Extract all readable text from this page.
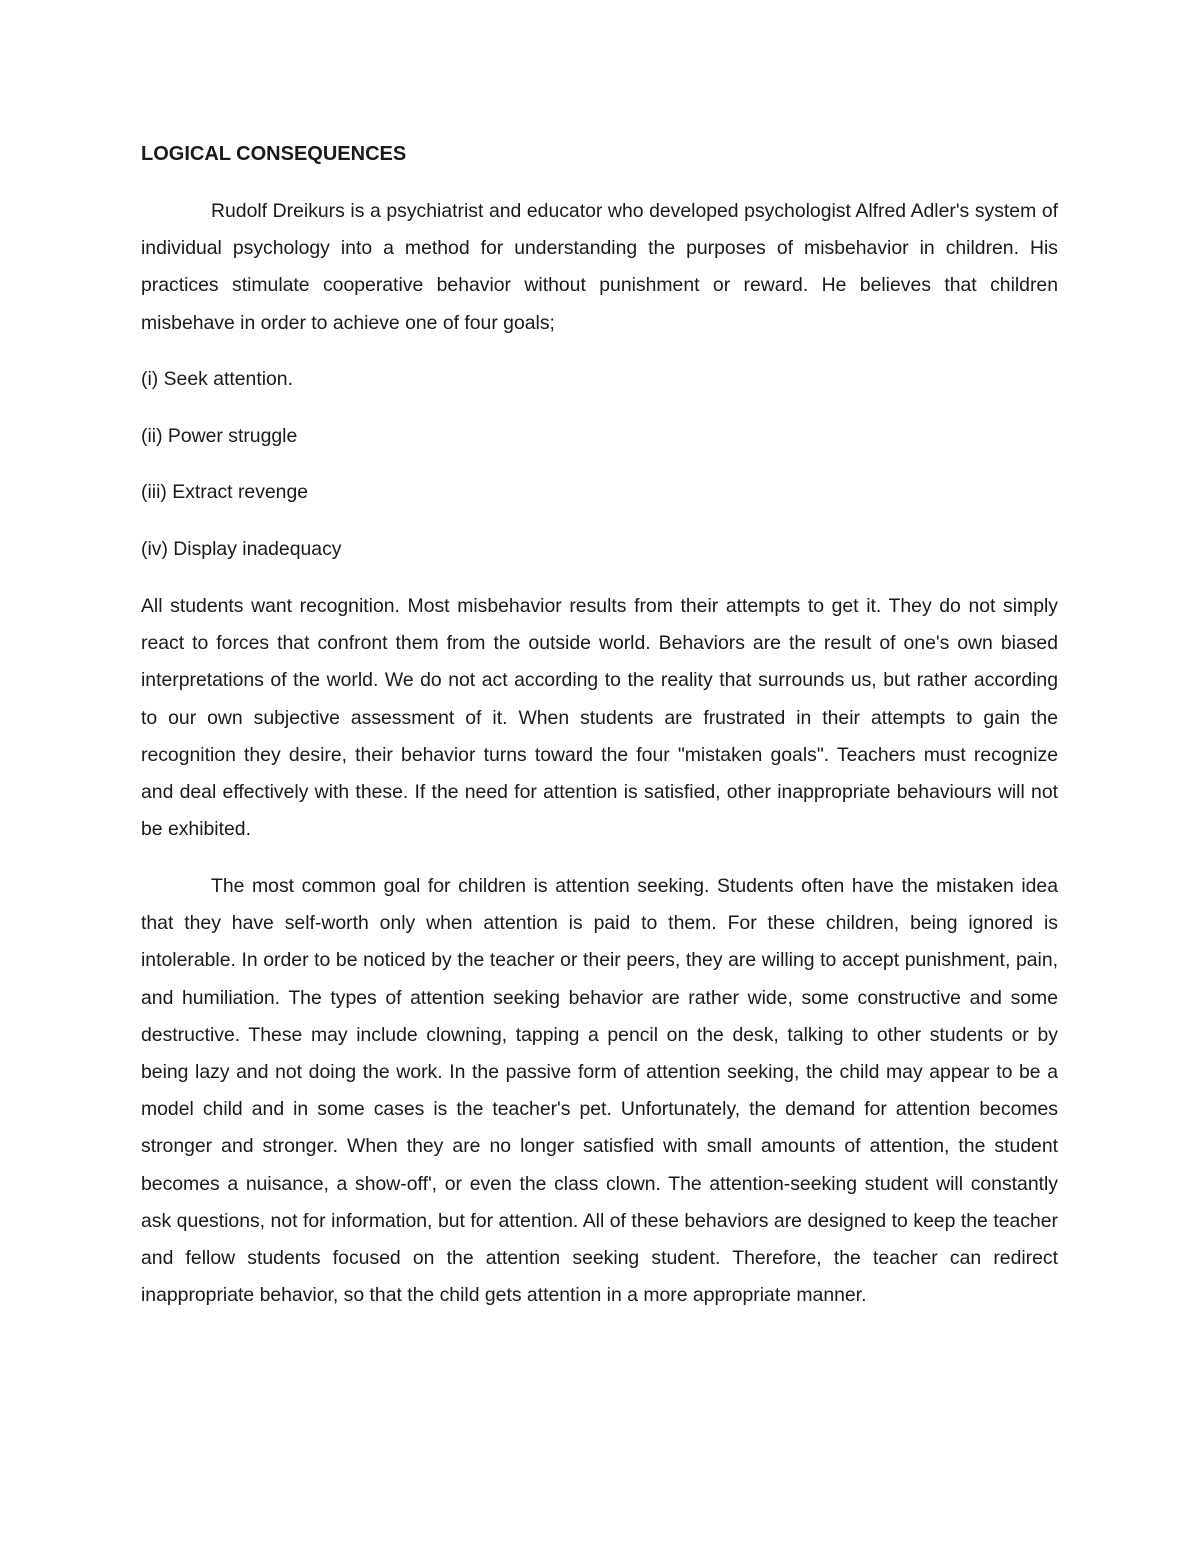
LOGICAL CONSEQUENCES

Rudolf Dreikurs is a psychiatrist and educator who developed psychologist Alfred Adler's system of individual psychology into a method for understanding the purposes of misbehavior in children. His practices stimulate cooperative behavior without punishment or reward. He believes that children misbehave in order to achieve one of four goals;

(i) Seek attention.

(ii) Power struggle

(iii) Extract revenge

(iv) Display inadequacy

All students want recognition. Most misbehavior results from their attempts to get it. They do not simply react to forces that confront them from the outside world. Behaviors are the result of one's own biased interpretations of the world. We do not act according to the reality that surrounds us, but rather according to our own subjective assessment of it. When students are frustrated in their attempts to gain the recognition they desire, their behavior turns toward the four "mistaken goals". Teachers must recognize and deal effectively with these. If the need for attention is satisfied, other inappropriate behaviours will not be exhibited.

The most common goal for children is attention seeking. Students often have the mistaken idea that they have self-worth only when attention is paid to them. For these children, being ignored is intolerable. In order to be noticed by the teacher or their peers, they are willing to accept punishment, pain, and humiliation. The types of attention seeking behavior are rather wide, some constructive and some destructive. These may include clowning, tapping a pencil on the desk, talking to other students or by being lazy and not doing the work. In the passive form of attention seeking, the child may appear to be a model child and in some cases is the teacher's pet. Unfortunately, the demand for attention becomes stronger and stronger. When they are no longer satisfied with small amounts of attention, the student becomes a nuisance, a show-off', or even the class clown. The attention-seeking student will constantly ask questions, not for information, but for attention. All of these behaviors are designed to keep the teacher and fellow students focused on the attention seeking student. Therefore, the teacher can redirect inappropriate behavior, so that the child gets attention in a more appropriate manner.
